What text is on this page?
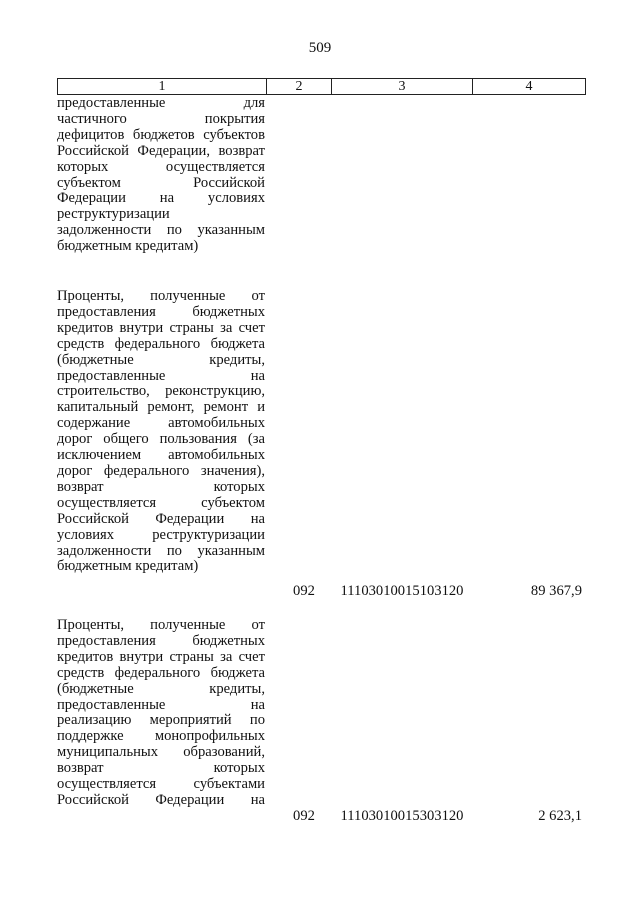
509
1	2	3	4
предоставленные для
частичного покрытия
дефицитов бюджетов субъектов
Российской Федерации, возврат
которых осуществляется
субъектом Российской
Федерации на условиях
реструктуризации
задолженности по указанным
бюджетным кредитам)
Проценты, полученные от
предоставления бюджетных
кредитов внутри страны за счет
средств федерального бюджета
(бюджетные кредиты,
предоставленные на
строительство, реконструкцию,
капитальный ремонт, ремонт и
содержание автомобильных
дорог общего пользования (за
исключением автомобильных
дорог федерального значения),
возврат которых
осуществляется субъектом
Российской Федерации на
условиях реструктуризации
задолженности по указанным
бюджетным кредитам)
092	11103010015103120	89 367,9
Проценты, полученные от
предоставления бюджетных
кредитов внутри страны за счет
средств федерального бюджета
(бюджетные кредиты,
предоставленные на
реализацию мероприятий по
поддержке монопрофильных
муниципальных образований,
возврат которых
осуществляется субъектами
Российской Федерации на
092	11103010015303120	2 623,1
